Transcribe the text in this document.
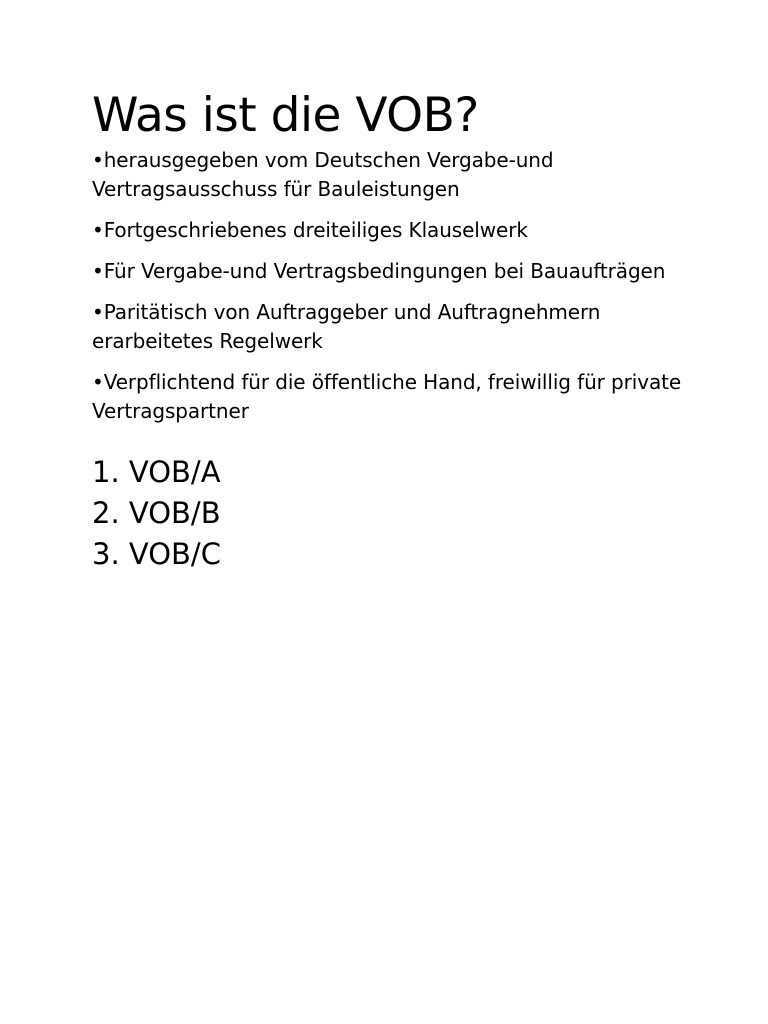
Was ist die VOB?
•herausgegeben vom Deutschen Vergabe-und Vertragsausschuss für Bauleistungen
•Fortgeschriebenes dreiteiliges Klauselwerk
•Für Vergabe-und Vertragsbedingungen bei Bauaufträgen
•Paritätisch von Auftraggeber und Auftragnehmern erarbeitetes Regelwerk
•Verpflichtend für die öffentliche Hand, freiwillig für private Vertragspartner
1. VOB/A
2. VOB/B
3. VOB/C
